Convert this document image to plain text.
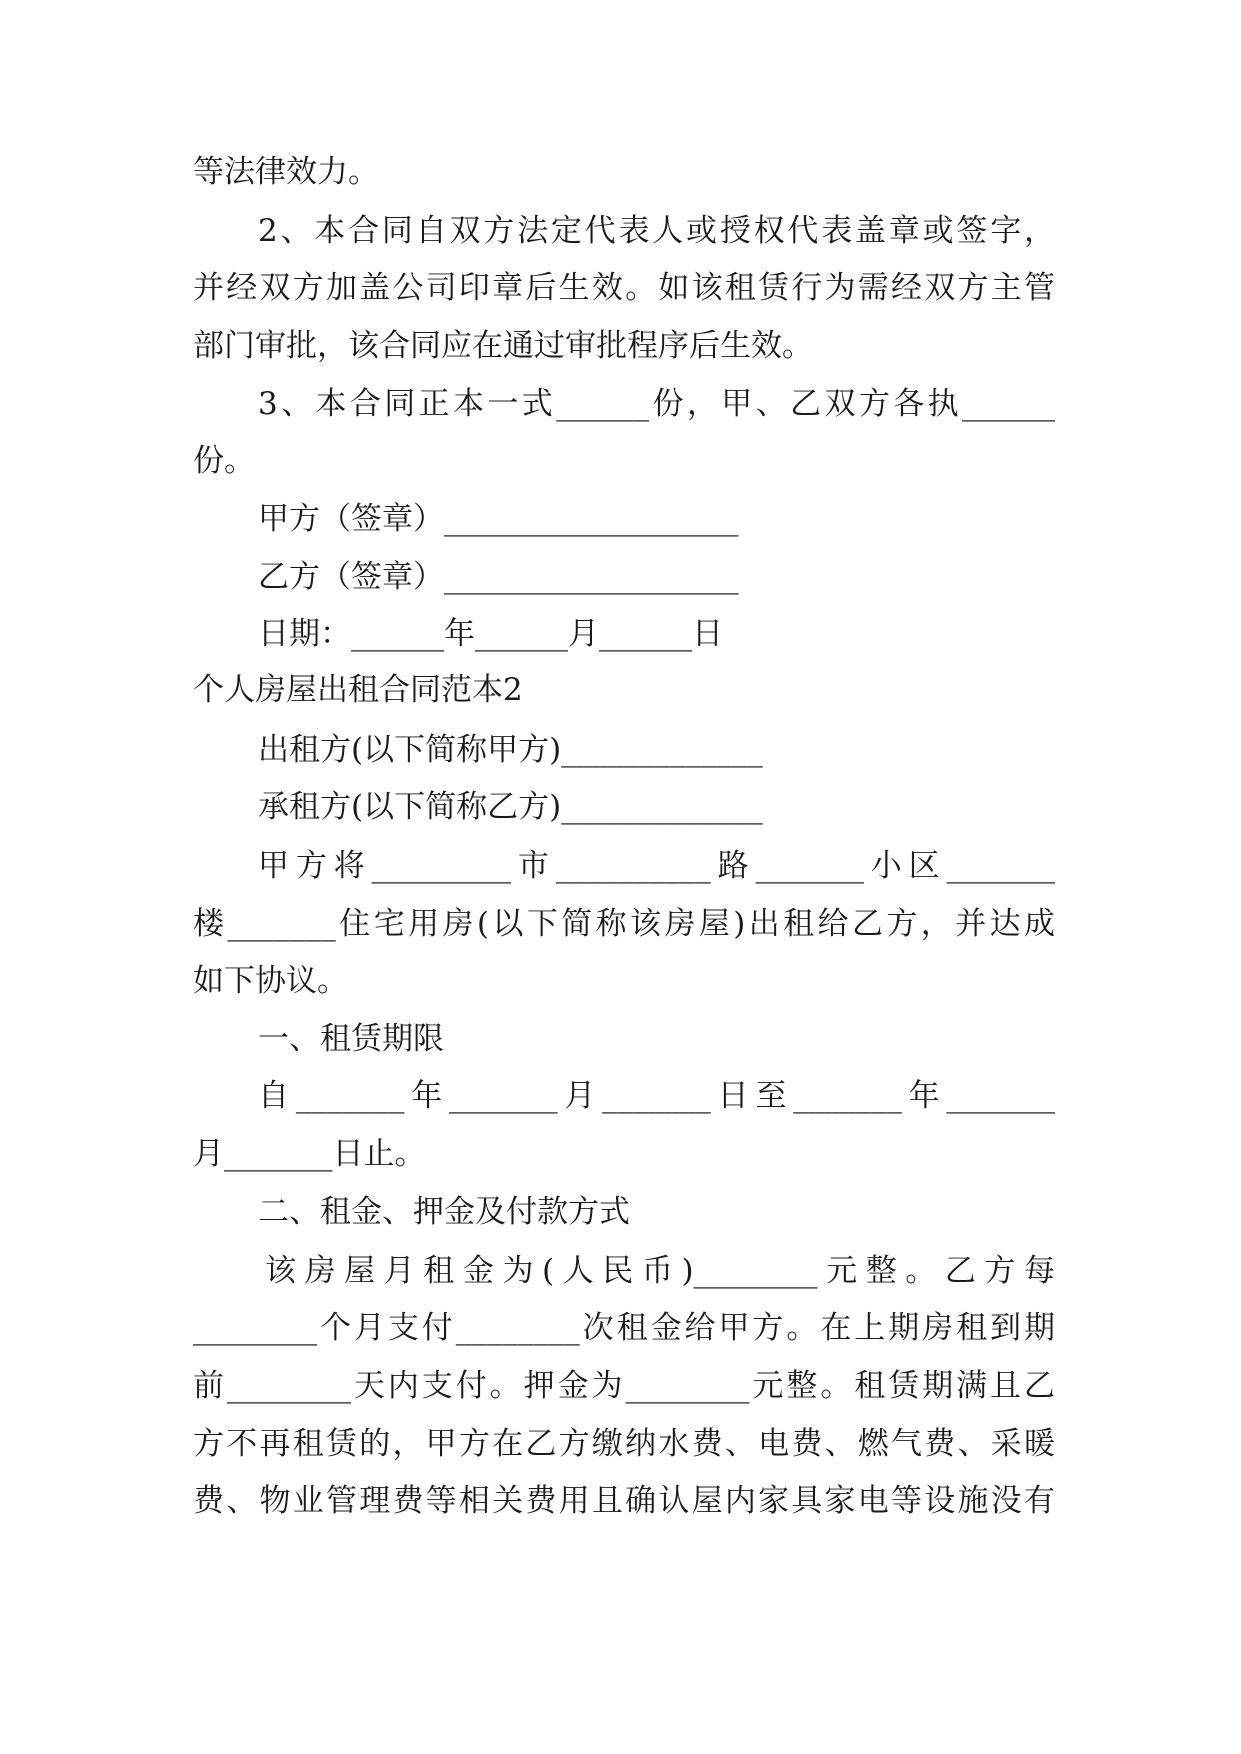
等法律效力。
2、本合同自双方法定代表人或授权代表盖章或签字，
并经双方加盖公司印章后生效。如该租赁行为需经双方主管
部门审批，该合同应在通过审批程序后生效。
3、本合同正本一式______份，甲、乙双方各执______
份。
甲方（签章）___________________
乙方（签章）___________________
日期：______年______月______日
个人房屋出租合同范本2
出租方(以下简称甲方)_____________
承租方(以下简称乙方)_____________
甲方将_________市__________路_______小区_______
楼_______住宅用房(以下简称该房屋)出租给乙方，并达成
如下协议。
一、租赁期限
自_______年_______月_______日至_______年_______
月_______日止。
二、租金、押金及付款方式
该房屋月租金为(人民币)________元整。乙方每
________个月支付________次租金给甲方。在上期房租到期
前________天内支付。押金为________元整。租赁期满且乙
方不再租赁的，甲方在乙方缴纳水费、电费、燃气费、采暖
费、物业管理费等相关费用且确认屋内家具家电等设施没有
